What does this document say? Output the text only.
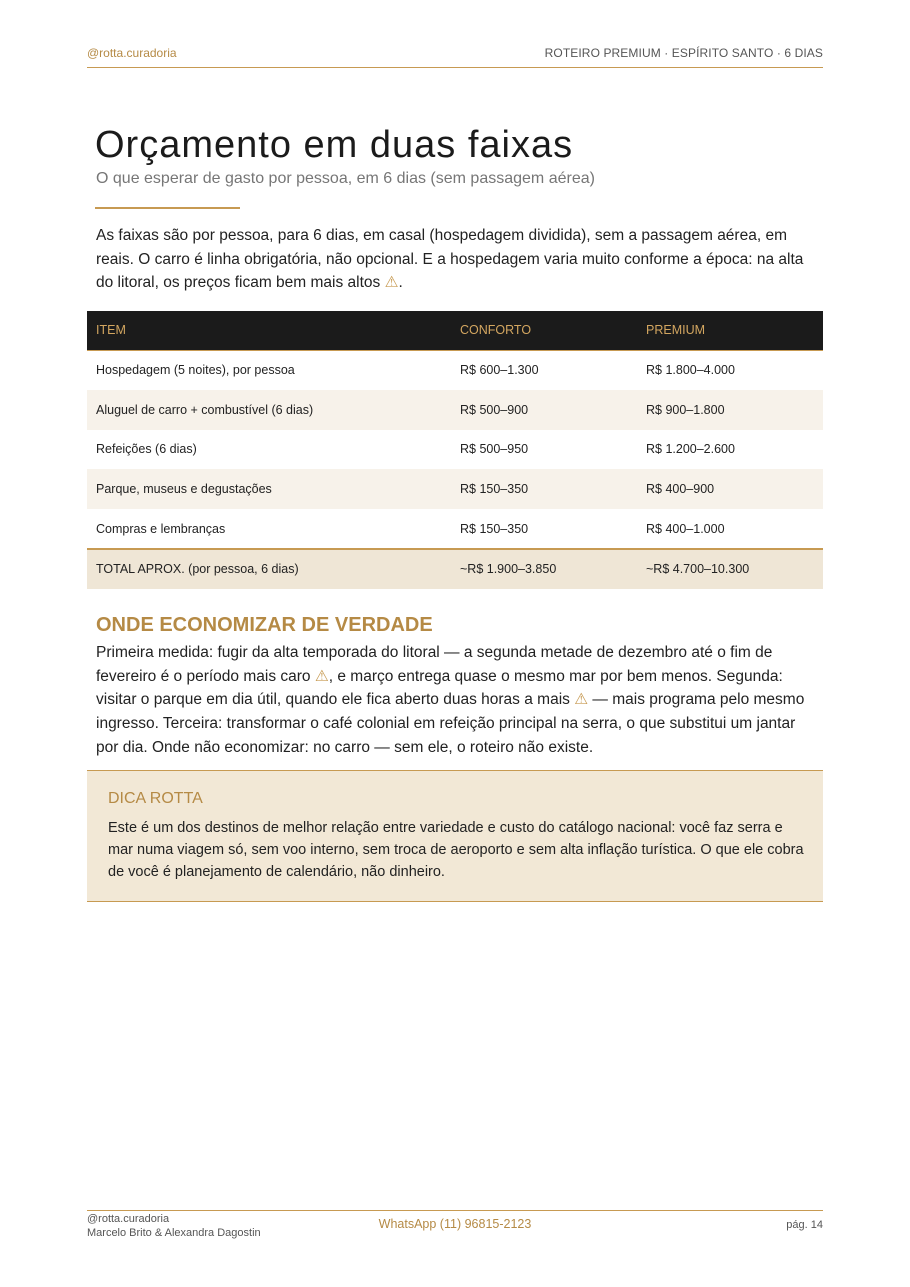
@rotta.curadoria	ROTEIRO PREMIUM · ESPÍRITO SANTO · 6 DIAS
Orçamento em duas faixas
O que esperar de gasto por pessoa, em 6 dias (sem passagem aérea)

As faixas são por pessoa, para 6 dias, em casal (hospedagem dividida), sem a passagem aérea, em reais. O carro é linha obrigatória, não opcional. E a hospedagem varia muito conforme a época: na alta do litoral, os preços ficam bem mais altos ⚠.

ITEM	CONFORTO	PREMIUM
Hospedagem (5 noites), por pessoa	R$ 600–1.300	R$ 1.800–4.000
Aluguel de carro + combustível (6 dias)	R$ 500–900	R$ 900–1.800
Refeições (6 dias)	R$ 500–950	R$ 1.200–2.600
Parque, museus e degustações	R$ 150–350	R$ 400–900
Compras e lembranças	R$ 150–350	R$ 400–1.000
TOTAL APROX. (por pessoa, 6 dias)	~R$ 1.900–3.850	~R$ 4.700–10.300
ONDE ECONOMIZAR DE VERDADE

Primeira medida: fugir da alta temporada do litoral — a segunda metade de dezembro até o fim de fevereiro é o período mais caro ⚠, e março entrega quase o mesmo mar por bem menos. Segunda: visitar o parque em dia útil, quando ele fica aberto duas horas a mais ⚠ — mais programa pelo mesmo ingresso. Terceira: transformar o café colonial em refeição principal na serra, o que substitui um jantar por dia. Onde não economizar: no carro — sem ele, o roteiro não existe.

DICA ROTTA

Este é um dos destinos de melhor relação entre variedade e custo do catálogo nacional: você faz serra e mar numa viagem só, sem voo interno, sem troca de aeroporto e sem alta inflação turística. O que ele cobra de você é planejamento de calendário, não dinheiro.

@rotta.curadoria
Marcelo Brito & Alexandra Dagostin
WhatsApp (11) 96815-2123	pág. 14
